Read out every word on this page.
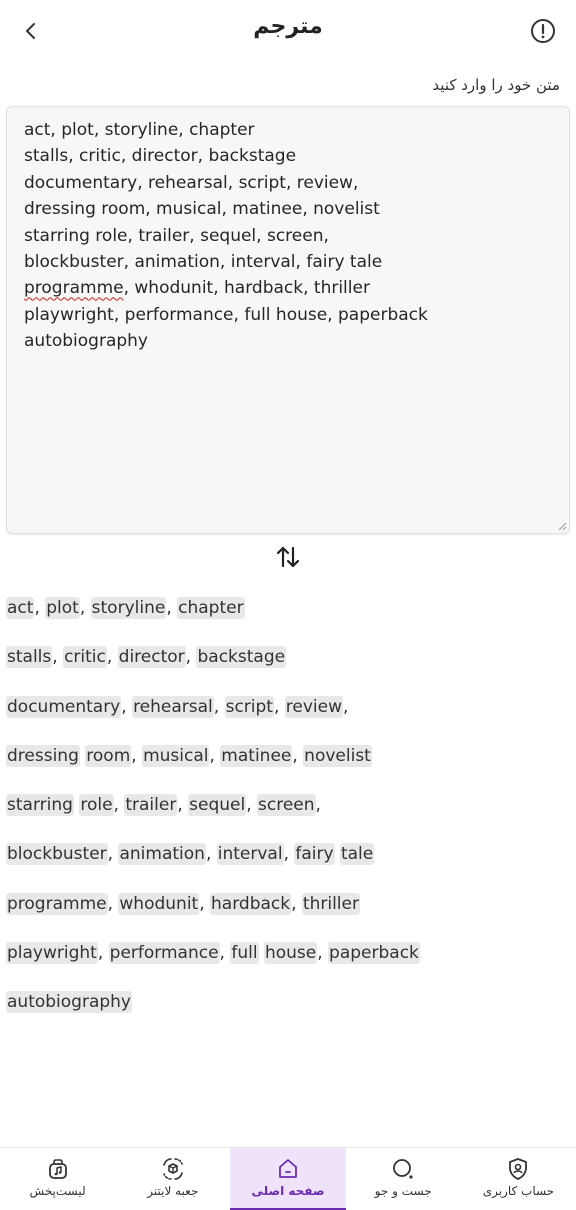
مترجم
متن خود را وارد کنید
act, plot, storyline, chapter
stalls, critic, director, backstage
documentary, rehearsal, script, review,
dressing room, musical, matinee, novelist
starring role, trailer, sequel, screen,
blockbuster, animation, interval, fairy tale
programme, whodunit, hardback, thriller
playwright, performance, full house, paperback
autobiography
act, plot, storyline, chapter
stalls, critic, director, backstage
documentary, rehearsal, script, review,
dressing room, musical, matinee, novelist
starring role, trailer, sequel, screen,
blockbuster, animation, interval, fairy tale
programme, whodunit, hardback, thriller
playwright, performance, full house, paperback
autobiography
حساب کاربری
جست و جو
صفحه اصلی
جعبه لایتنر
لیست‌پخش
